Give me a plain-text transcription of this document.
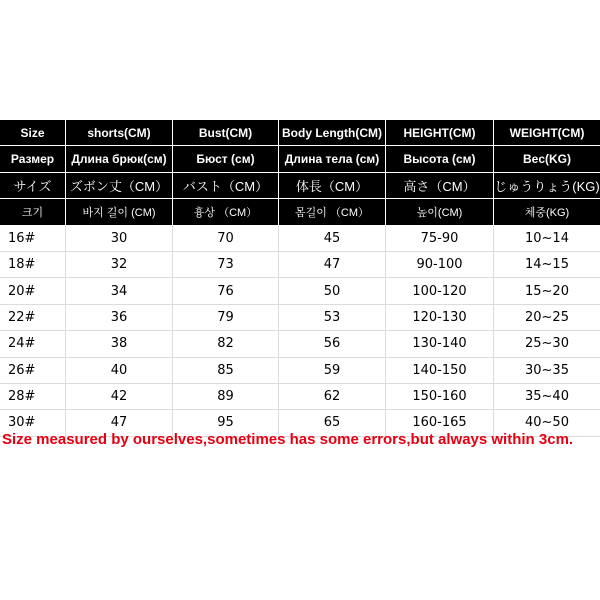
Size	shorts(CM)	Bust(CM)	Body Length(CM)	HEIGHT(CM)	WEIGHT(CM)
Размер	Длина брюк(см)	Бюст (см)	Длина тела (см)	Высота (см)	Bec(KG)
サイズ	ズボン丈（CM）	バスト（CM）	体長（CM）	高さ（CM）	じゅうりょう(KG)
크기	바지 길이 (CM)	흉상 （CM）	몸길이 （CM）	높이(CM)	체중(KG)
16#	30	70	45	75-90	10~14
18#	32	73	47	90-100	14~15
20#	34	76	50	100-120	15~20
22#	36	79	53	120-130	20~25
24#	38	82	56	130-140	25~30
26#	40	85	59	140-150	30~35
28#	42	89	62	150-160	35~40
30#	47	95	65	160-165	40~50
Size measured by ourselves,sometimes has some errors,but always within 3cm.
